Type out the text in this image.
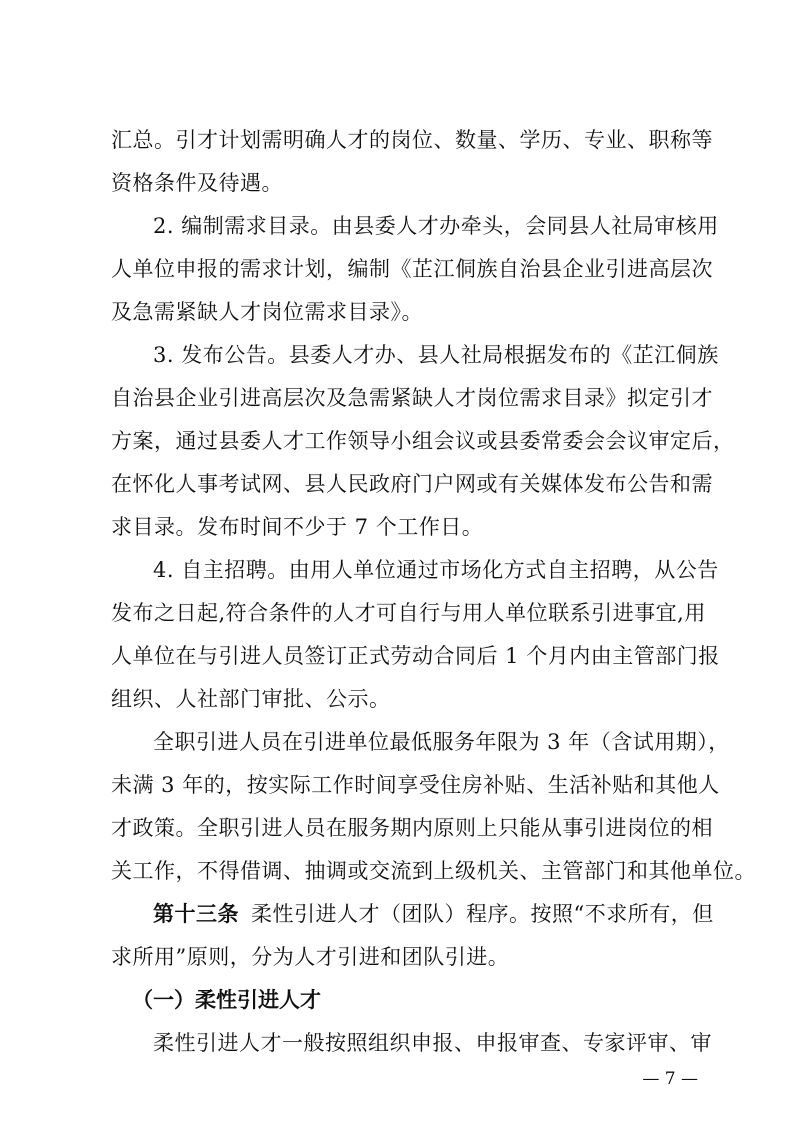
汇总。引才计划需明确人才的岗位、数量、学历、专业、职称等
资格条件及待遇。
2. 编制需求目录。由县委人才办牵头，会同县人社局审核用
人单位申报的需求计划，编制《芷江侗族自治县企业引进高层次
及急需紧缺人才岗位需求目录》。
3. 发布公告。县委人才办、县人社局根据发布的《芷江侗族
自治县企业引进高层次及急需紧缺人才岗位需求目录》拟定引才
方案，通过县委人才工作领导小组会议或县委常委会会议审定后，
在怀化人事考试网、县人民政府门户网或有关媒体发布公告和需
求目录。发布时间不少于 7 个工作日。
4. 自主招聘。由用人单位通过市场化方式自主招聘，从公告
发布之日起,符合条件的人才可自行与用人单位联系引进事宜,用
人单位在与引进人员签订正式劳动合同后 1 个月内由主管部门报
组织、人社部门审批、公示。
全职引进人员在引进单位最低服务年限为 3 年（含试用期），
未满 3 年的，按实际工作时间享受住房补贴、生活补贴和其他人
才政策。全职引进人员在服务期内原则上只能从事引进岗位的相
关工作，不得借调、抽调或交流到上级机关、主管部门和其他单位。
第十三条 柔性引进人才（团队）程序。按照“不求所有，但
求所用”原则，分为人才引进和团队引进。
（一）柔性引进人才
柔性引进人才一般按照组织申报、申报审查、专家评审、审
— 7 —
